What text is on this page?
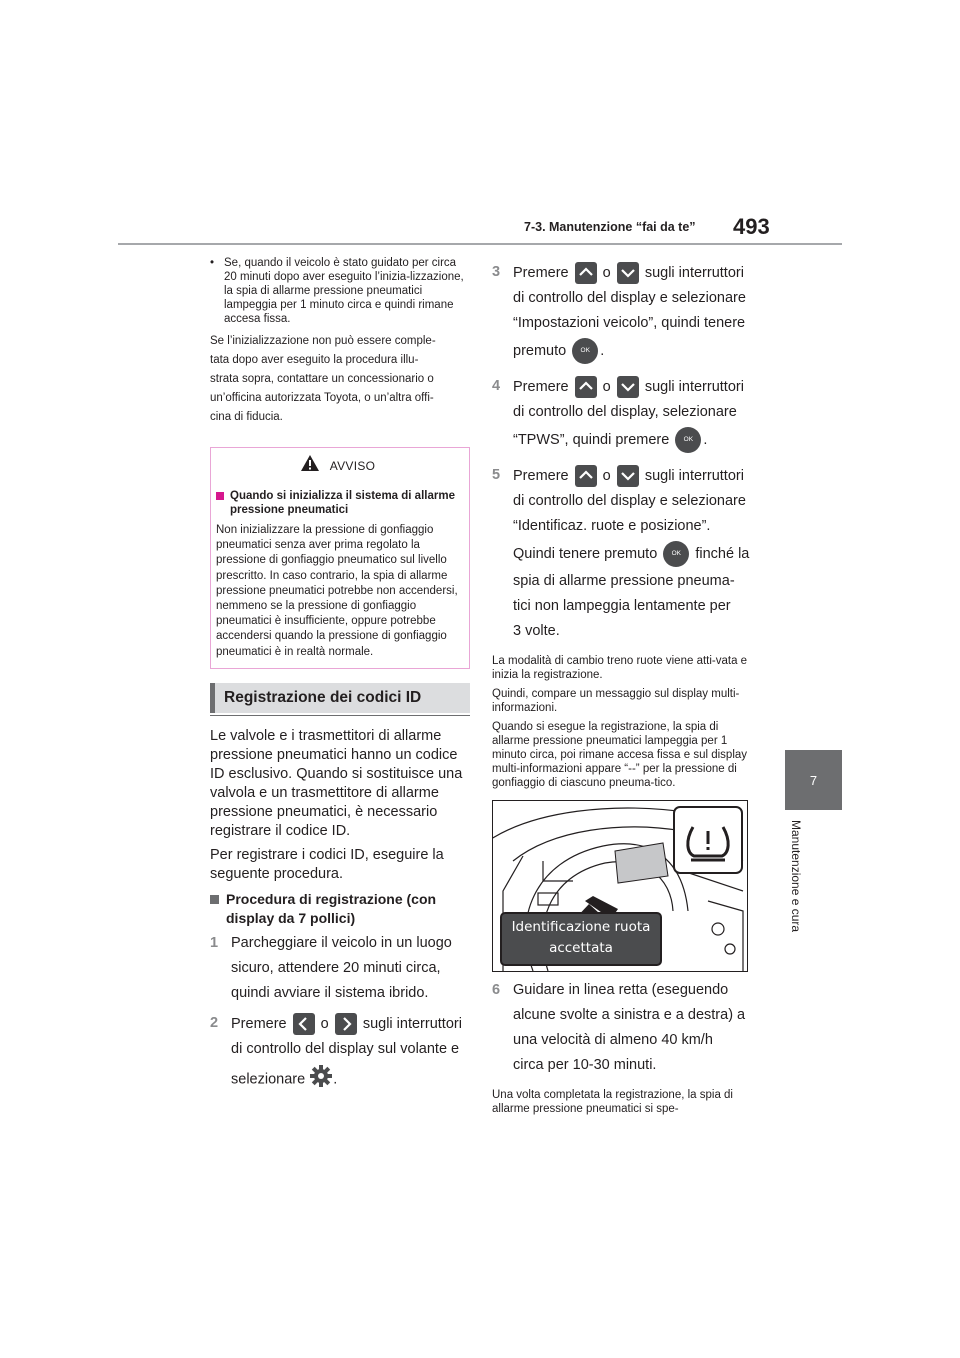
493
7-3. Manutenzione “fai da te”
7
Manutenzione e cura
• Se, quando il veicolo è stato guidato per circa 20 minuti dopo aver eseguito l’inizia-lizzazione, la spia di allarme pressione pneumatici lampeggia per 1 minuto circa e quindi rimane accesa fissa.
Se l’inizializzazione non può essere comple-
tata dopo aver eseguito la procedura illu-
strata sopra, contattare un concessionario o
un’officina autorizzata Toyota, o un’altra offi-
cina di fiducia.
AVVISO
Quando si inizializza il sistema di allarme pressione pneumatici
Non inizializzare la pressione di gonfiaggio pneumatici senza aver prima regolato la pressione di gonfiaggio pneumatico sul livello prescritto. In caso contrario, la spia di allarme pressione pneumatici potrebbe non accendersi, nemmeno se la pressione di gonfiaggio pneumatici è insufficiente, oppure potrebbe accendersi quando la pressione di gonfiaggio pneumatici è in realtà normale.
Registrazione dei codici ID

Le valvole e i trasmettitori di allarme pressione pneumatici hanno un codice ID esclusivo. Quando si sostituisce una valvola e un trasmettitore di allarme pressione pneumatici, è necessario registrare il codice ID.

Per registrare i codici ID, eseguire la seguente procedura.

Procedura di registrazione (con display da 7 pollici)
1 Parcheggiare il veicolo in un luogo
sicuro, attendere 20 minuti circa,
quindi avviare il sistema ibrido.
2 Premere o sugli interruttori
di controllo del display sul volante e
selezionare .
3 Premere o sugli interruttori
di controllo del display e selezionare
“Impostazioni veicolo”, quindi tenere
premuto OK .
4 Premere o sugli interruttori
di controllo del display, selezionare
“TPWS”, quindi premere OK .
5 Premere o sugli interruttori
di controllo del display e selezionare
“Identificaz. ruote e posizione”.
Quindi tenere premuto OK finché la
spia di allarme pressione pneuma-
tici non lampeggia lentamente per
3 volte.

La modalità di cambio treno ruote viene atti-vata e inizia la registrazione.

Quindi, compare un messaggio sul display multi-informazioni.

Quando si esegue la registrazione, la spia di allarme pressione pneumatici lampeggia per 1 minuto circa, poi rimane accesa fissa e sul display multi-informazioni appare “--” per la pressione di gonfiaggio di ciascuno pneuma-tico.

Identificazione ruota
accettata
6 Guidare in linea retta (eseguendo
alcune svolte a sinistra e a destra) a
una velocità di almeno 40 km/h
circa per 10-30 minuti.
Una volta completata la registrazione, la spia di allarme pressione pneumatici si spe-
